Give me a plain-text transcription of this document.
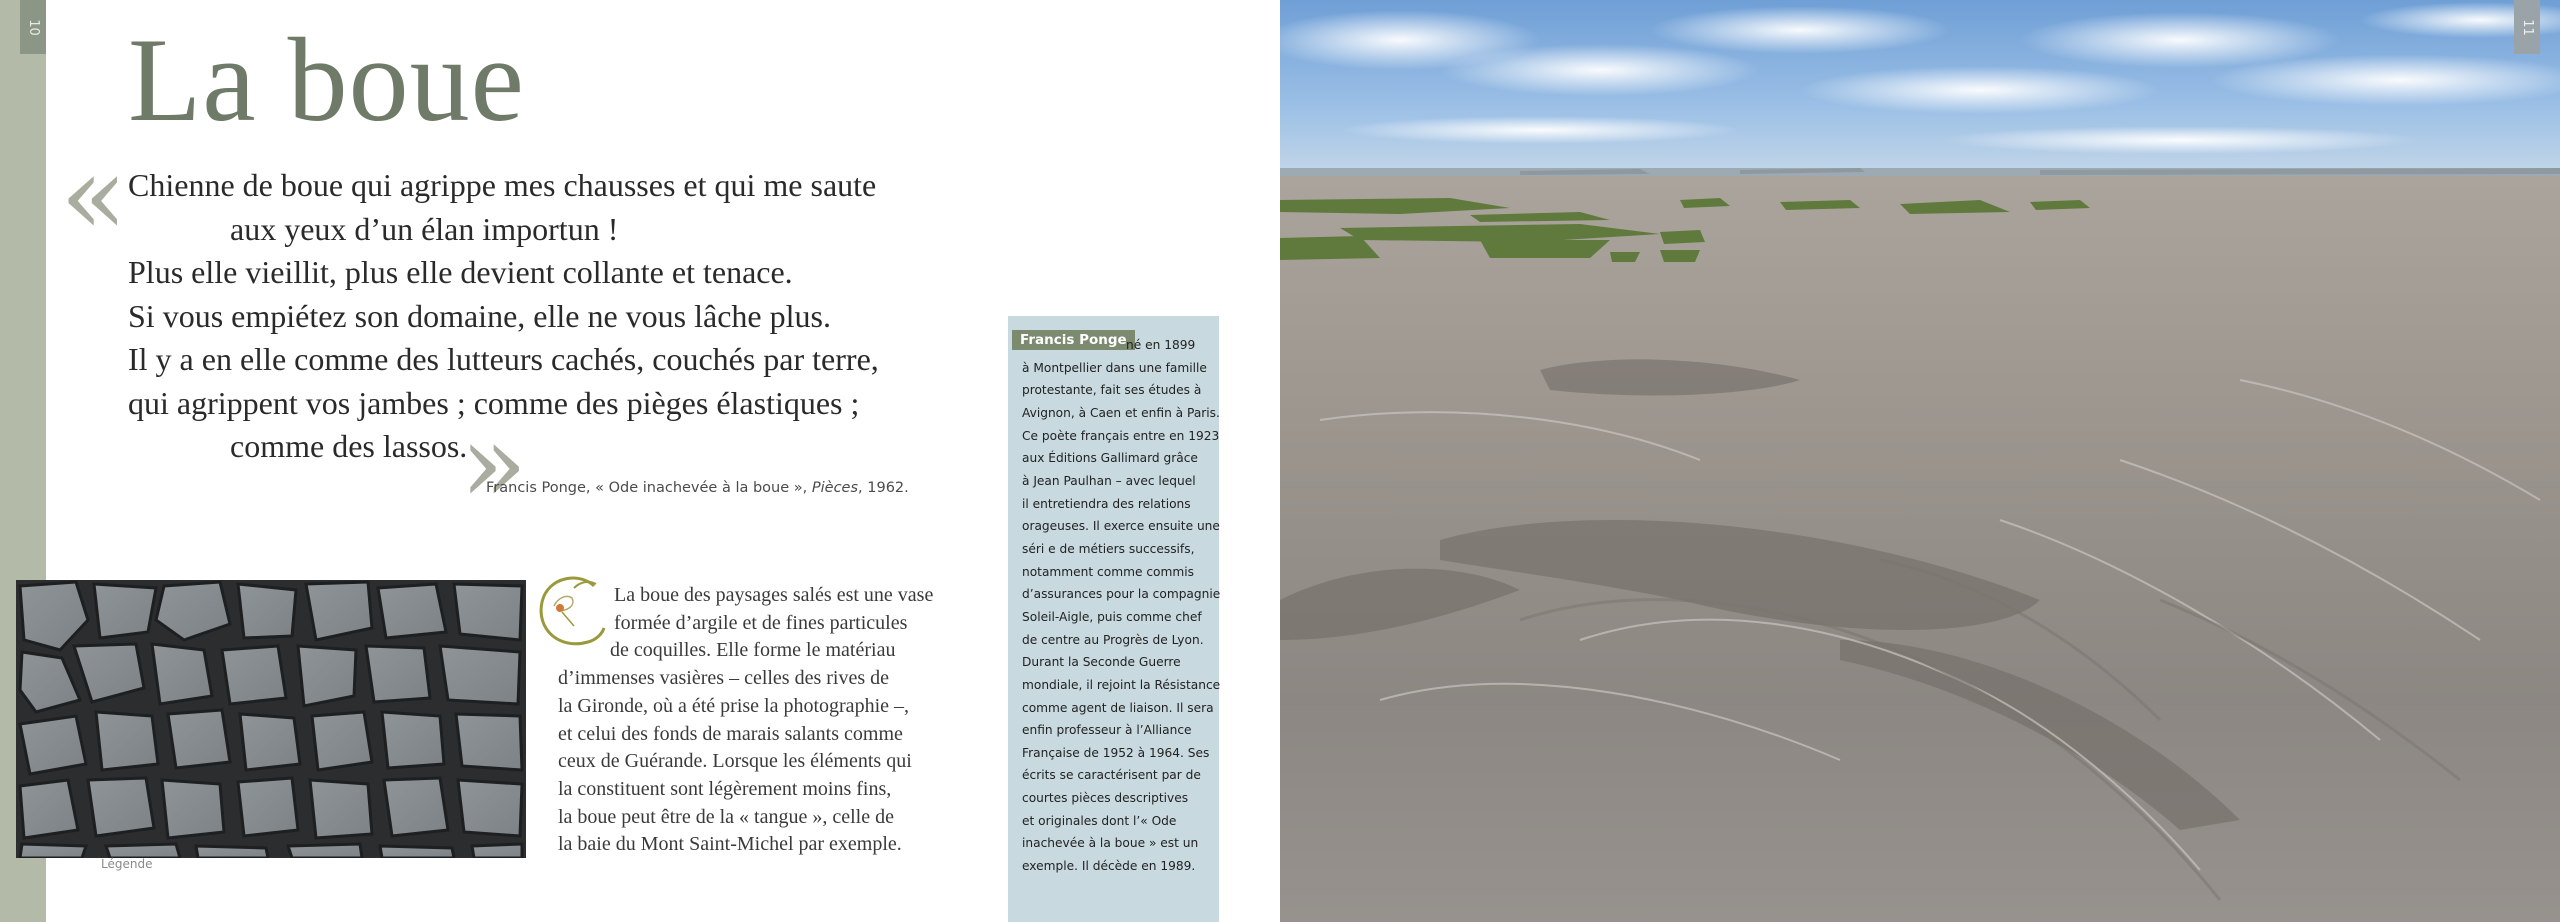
10 La boue
« Chienne de boue qui agrippe mes chausses et qui me saute
aux yeux d’un élan importun !
Plus elle vieillit, plus elle devient collante et tenace.
Si vous empiétez son domaine, elle ne vous lâche plus.
Il y a en elle comme des lutteurs cachés, couchés par terre,
qui agrippent vos jambes ; comme des pièges élastiques ;
comme des lassos.
»
Francis Ponge, « Ode inachevée à la boue », Pièces, 1962.
Légende
La boue des paysages salés est une vase
formée d’argile et de fines particules
de coquilles. Elle forme le matériau
d’immenses vasières – celles des rives de
la Gironde, où a été prise la photographie –,
et celui des fonds de marais salants comme
ceux de Guérande. Lorsque les éléments qui
la constituent sont légèrement moins fins,
la boue peut être de la « tangue », celle de
la baie du Mont Saint-Michel par exemple.
Francis Ponge né en 1899
à Montpellier dans une famille
protestante, fait ses études à
Avignon, à Caen et enfin à Paris.
Ce poète français entre en 1923
aux Éditions Gallimard grâce
à Jean Paulhan – avec lequel
il entretiendra des relations
orageuses. Il exerce ensuite une
séri e de métiers successifs,
notamment comme commis
d’assurances pour la compagnie
Soleil-Aigle, puis comme chef
de centre au Progrès de Lyon.
Durant la Seconde Guerre
mondiale, il rejoint la Résistance
comme agent de liaison. Il sera
enfin professeur à l’Alliance
Française de 1952 à 1964. Ses
écrits se caractérisent par de
courtes pièces descriptives
et originales dont l’« Ode
inachevée à la boue » est un
exemple. Il décède en 1989.
11
